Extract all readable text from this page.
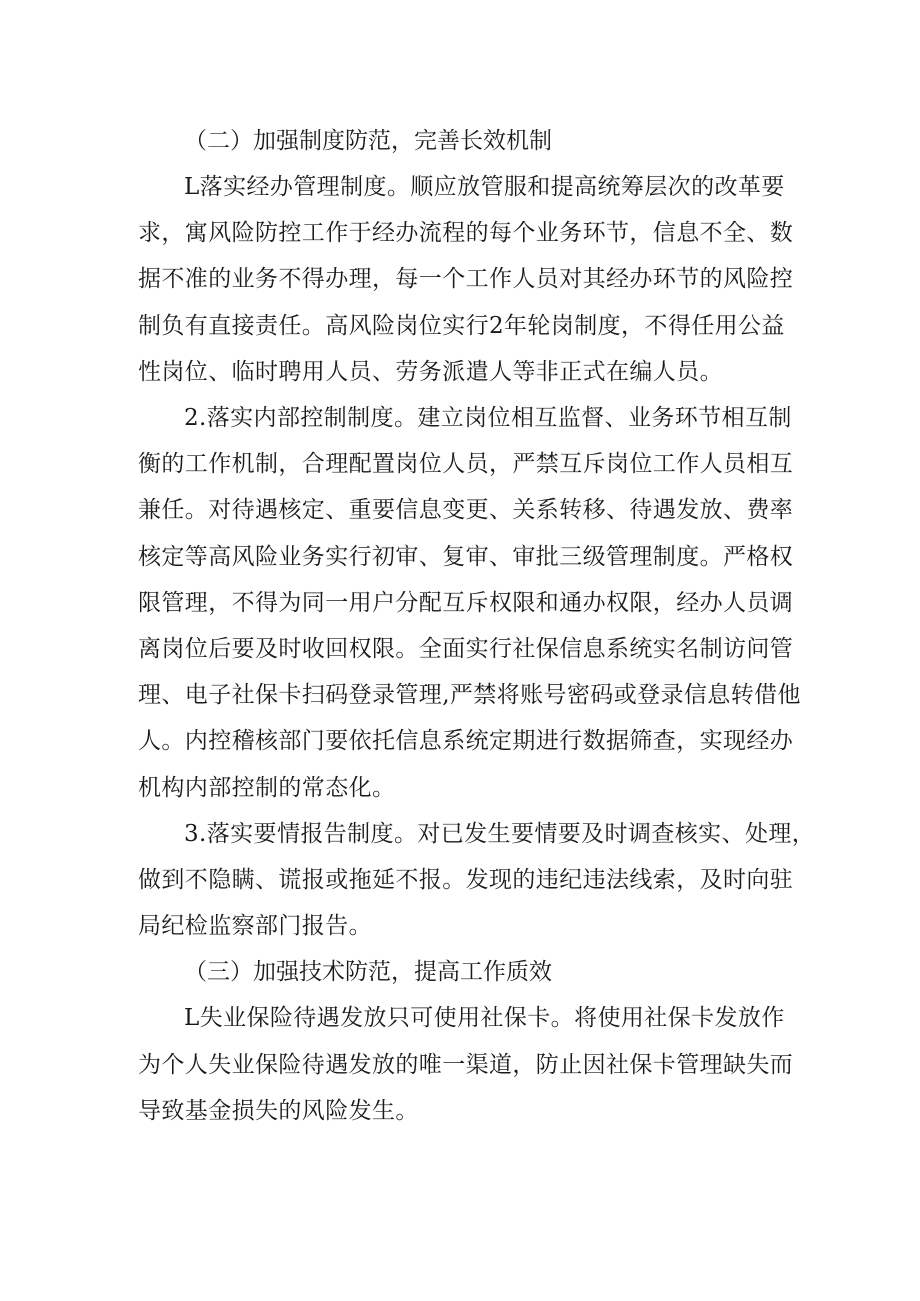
（二）加强制度防范，完善长效机制
L落实经办管理制度。顺应放管服和提高统筹层次的改革要
求，寓风险防控工作于经办流程的每个业务环节，信息不全、数
据不准的业务不得办理，每一个工作人员对其经办环节的风险控
制负有直接责任。高风险岗位实行2年轮岗制度，不得任用公益
性岗位、临时聘用人员、劳务派遣人等非正式在编人员。
2.落实内部控制制度。建立岗位相互监督、业务环节相互制
衡的工作机制，合理配置岗位人员，严禁互斥岗位工作人员相互
兼任。对待遇核定、重要信息变更、关系转移、待遇发放、费率
核定等高风险业务实行初审、复审、审批三级管理制度。严格权
限管理，不得为同一用户分配互斥权限和通办权限，经办人员调
离岗位后要及时收回权限。全面实行社保信息系统实名制访问管
理、电子社保卡扫码登录管理,严禁将账号密码或登录信息转借他
人。内控稽核部门要依托信息系统定期进行数据筛查，实现经办
机构内部控制的常态化。
3.落实要情报告制度。对已发生要情要及时调查核实、处理，
做到不隐瞒、谎报或拖延不报。发现的违纪违法线索，及时向驻
局纪检监察部门报告。
（三）加强技术防范，提高工作质效
L失业保险待遇发放只可使用社保卡。将使用社保卡发放作
为个人失业保险待遇发放的唯一渠道，防止因社保卡管理缺失而
导致基金损失的风险发生。
